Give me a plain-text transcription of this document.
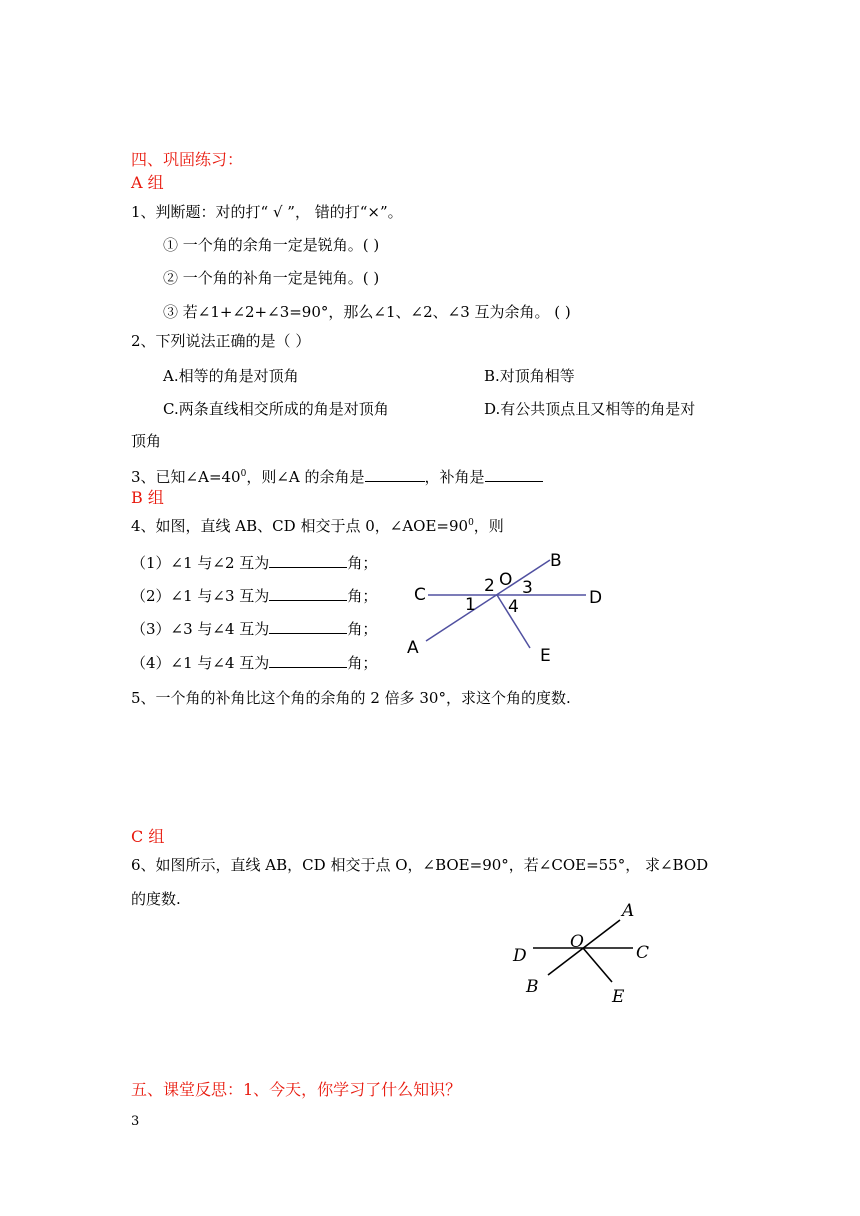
四、巩固练习：
A 组
1、判断题：对的打“ √ ”， 错的打“×”。
① 一个角的余角一定是锐角。( )
② 一个角的补角一定是钝角。( )
③ 若∠1+∠2+∠3=90°，那么∠1、∠2、∠3 互为余角。 ( )
2、下列说法正确的是（ ）
A.相等的角是对顶角	B.对顶角相等
C.两条直线相交所成的角是对顶角	D.有公共顶点且又相等的角是对
顶角
3、已知$\angle A=40^0$，则∠A 的余角是	，补角是
B 组
4、如图，直线 AB、CD 相交于点 0，$\angle AOE=90^0$，则
（1）∠1 与∠2 互为	角；
（2）∠1 与∠3 互为	角；
（3）∠3 与∠4 互为	角；
（4）∠1 与∠4 互为	角；
B
O
2 3
C	D
1 4
A	E
5、一个角的补角比这个角的余角的 2 倍多 30°，求这个角的度数.
C 组
6、如图所示，直线 AB，CD 相交于点 O，∠BOE=90°，若∠COE=55°， 求∠BOD
的度数.
A
O
D	C
B	E
五、课堂反思：1、今天，你学习了什么知识？
3
